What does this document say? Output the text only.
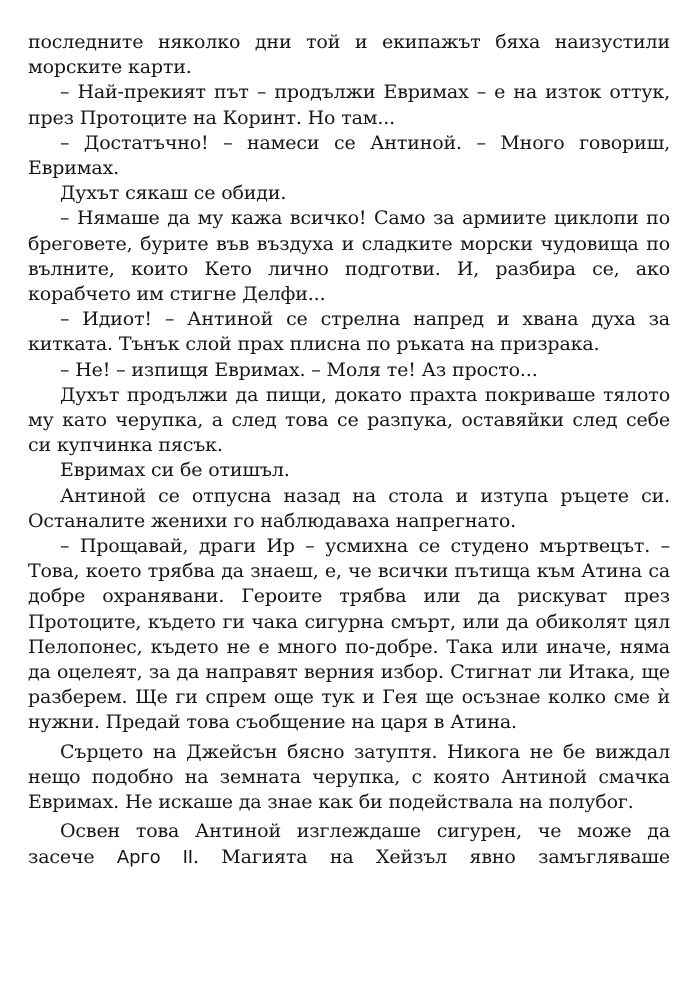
последните няколко дни той и екипажът бяха наизустили морските карти.

– Най-прекият път – продължи Евримах – е на изток оттук, през Протоците на Коринт. Но там...

– Достатъчно! – намеси се Антиной. – Много говориш, Евримах.

Духът сякаш се обиди.

– Нямаше да му кажа всичко! Само за армиите циклопи по бреговете, бурите във въздуха и сладките морски чудовища по вълните, които Кето лично подготви. И, разбира се, ако корабчето им стигне Делфи...

– Идиот! – Антиной се стрелна напред и хвана духа за китката. Тънък слой прах плисна по ръката на призрака.

– Не! – изпищя Евримах. – Моля те! Аз просто...

Духът продължи да пищи, докато прахта покриваше тялото му като черупка, а след това се разпука, оставяйки след себе си купчинка пясък.

Евримах си бе отишъл.

Антиной се отпусна назад на стола и изтупа ръцете си. Останалите женихи го наблюдаваха напрегнато.

– Прощавай, драги Ир – усмихна се студено мъртвецът. – Това, което трябва да знаеш, е, че всички пътища към Атина са добре охранявани. Героите трябва или да рискуват през Протоците, където ги чака сигурна смърт, или да обиколят цял Пелопонес, където не е много по-добре. Така или иначе, няма да оцелеят, за да направят верния избор. Стигнат ли Итака, ще разберем. Ще ги спрем още тук и Гея ще осъзнае колко сме ѝ нужни. Предай това съобщение на царя в Атина.

Сърцето на Джейсън бясно затуптя. Никога не бе виждал нещо подобно на земната черупка, с която Антиной смачка Евримах. Не искаше да знае как би подействала на полубог.

Освен това Антиной изглеждаше сигурен, че може да засече Арго II. Магията на Хейзъл явно замъгляваше
